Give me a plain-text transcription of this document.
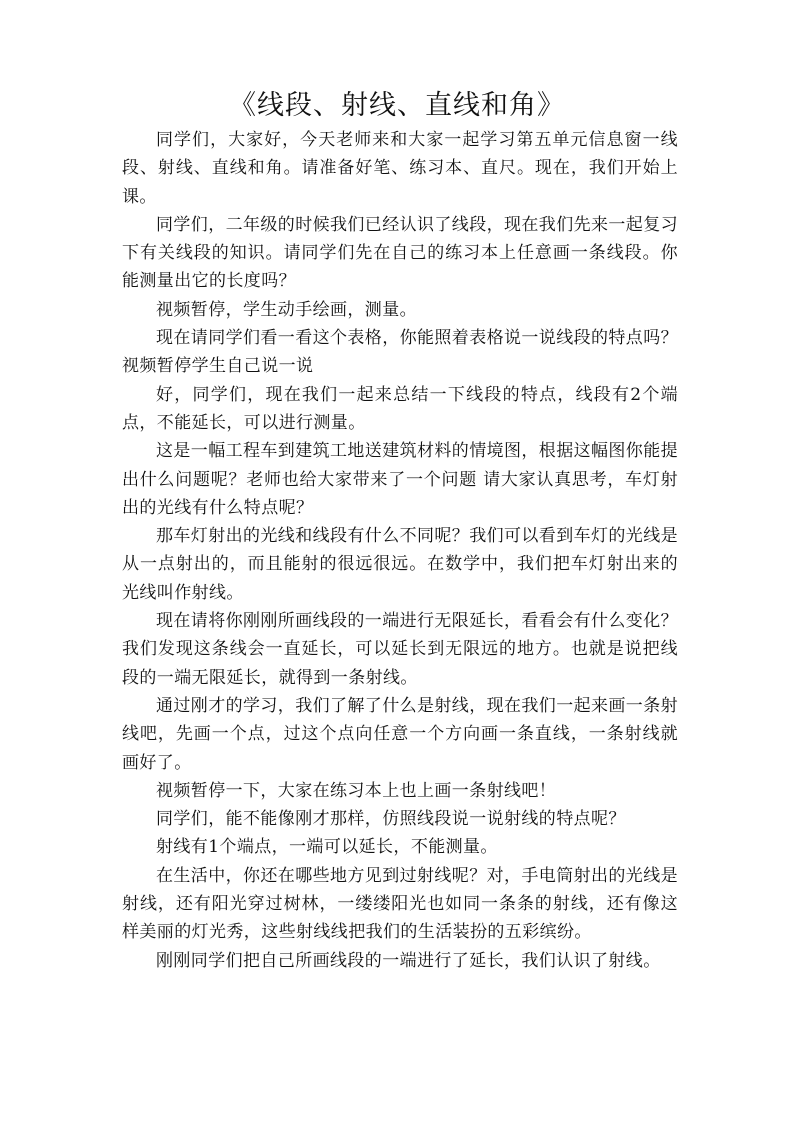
《线段、射线、直线和角》

同学们，大家好，今天老师来和大家一起学习第五单元信息窗一线段、射线、直线和角。请准备好笔、练习本、直尺。现在，我们开始上课。

同学们，二年级的时候我们已经认识了线段，现在我们先来一起复习下有关线段的知识。请同学们先在自己的练习本上任意画一条线段。你能测量出它的长度吗？

视频暂停，学生动手绘画，测量。

现在请同学们看一看这个表格，你能照着表格说一说线段的特点吗？视频暂停学生自己说一说

好，同学们，现在我们一起来总结一下线段的特点，线段有2个端点，不能延长，可以进行测量。

这是一幅工程车到建筑工地送建筑材料的情境图，根据这幅图你能提出什么问题呢？老师也给大家带来了一个问题 请大家认真思考，车灯射出的光线有什么特点呢？

那车灯射出的光线和线段有什么不同呢？我们可以看到车灯的光线是从一点射出的，而且能射的很远很远。在数学中，我们把车灯射出来的光线叫作射线。

现在请将你刚刚所画线段的一端进行无限延长，看看会有什么变化？　　我们发现这条线会一直延长，可以延长到无限远的地方。也就是说把线段的一端无限延长，就得到一条射线。

通过刚才的学习，我们了解了什么是射线，现在我们一起来画一条射线吧，先画一个点，过这个点向任意一个方向画一条直线，一条射线就画好了。

视频暂停一下，大家在练习本上也上画一条射线吧！

同学们，能不能像刚才那样，仿照线段说一说射线的特点呢？

射线有1个端点，一端可以延长，不能测量。

在生活中，你还在哪些地方见到过射线呢？对，手电筒射出的光线是射线，还有阳光穿过树林，一缕缕阳光也如同一条条的射线，还有像这样美丽的灯光秀，这些射线线把我们的生活装扮的五彩缤纷。

刚刚同学们把自己所画线段的一端进行了延长，我们认识了射线。
